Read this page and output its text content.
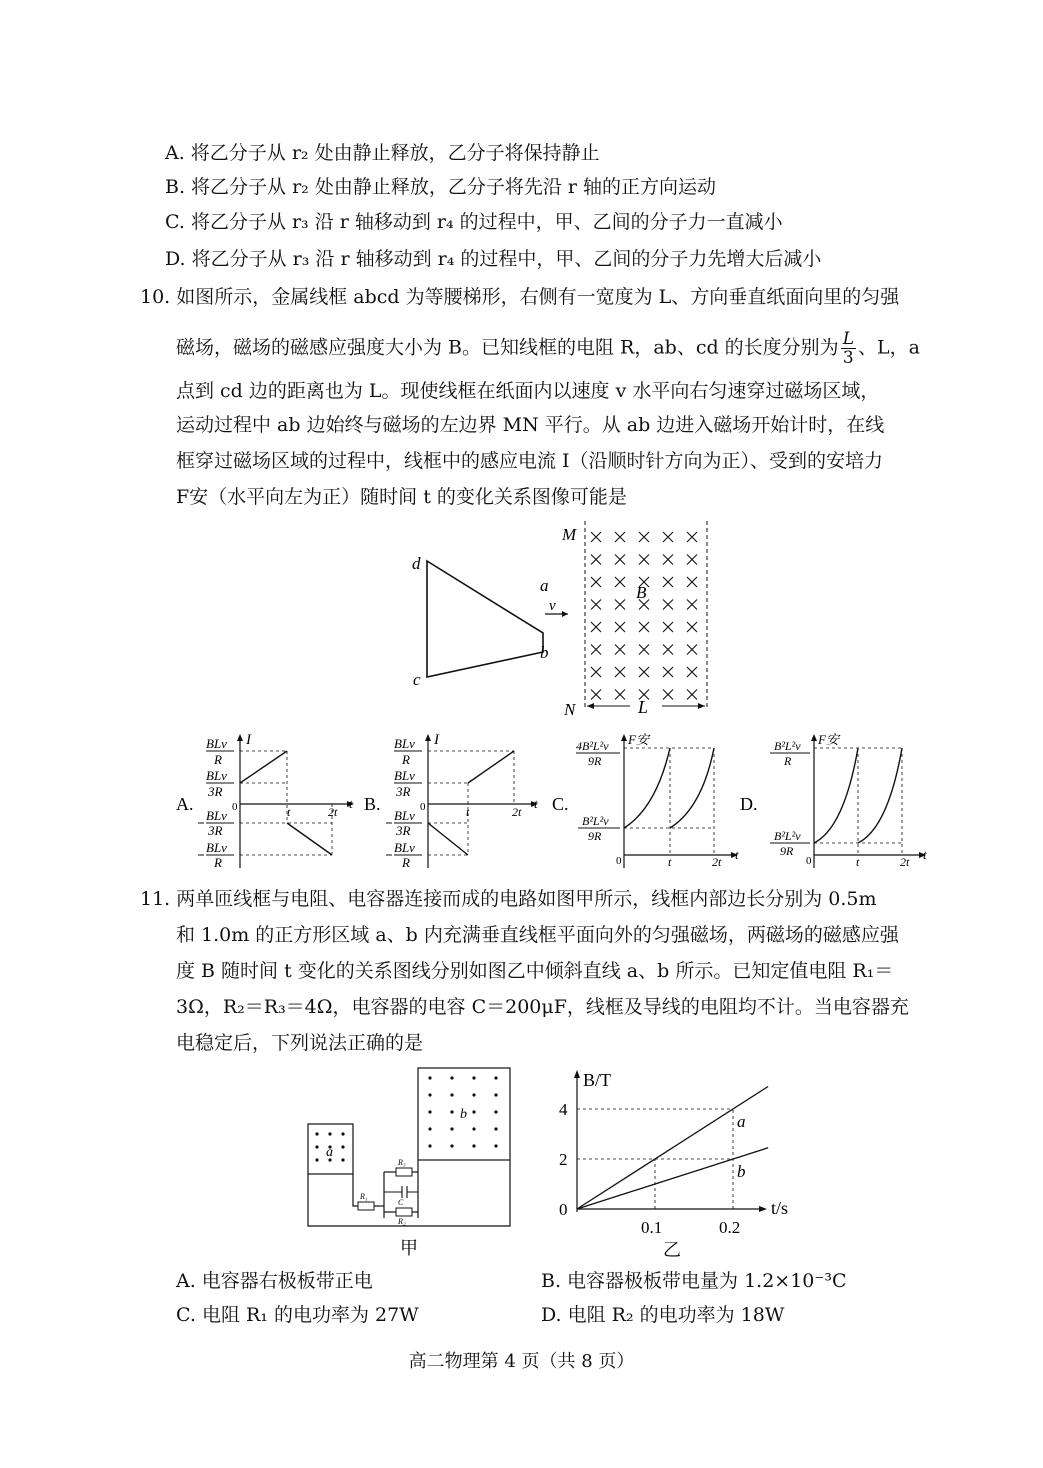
A. 将乙分子从 r₂ 处由静止释放，乙分子将保持静止
B. 将乙分子从 r₂ 处由静止释放，乙分子将先沿 r 轴的正方向运动
C. 将乙分子从 r₃ 沿 r 轴移动到 r₄ 的过程中，甲、乙间的分子力一直减小
D. 将乙分子从 r₃ 沿 r 轴移动到 r₄ 的过程中，甲、乙间的分子力先增大后减小
10. 如图所示，金属线框 abcd 为等腰梯形，右侧有一宽度为 L、方向垂直纸面向里的匀强
磁场，磁场的磁感应强度大小为 B。已知线框的电阻 R，ab、cd 的长度分别为 $\frac{L}{3}$ 、L，a
点到 cd 边的距离也为 L。现使线框在纸面内以速度 v 水平向右匀速穿过磁场区域，
运动过程中 ab 边始终与磁场的左边界 MN 平行。从 ab 边进入磁场开始计时，在线
框穿过磁场区域的过程中，线框中的感应电流 I（沿顺时针方向为正）、受到的安培力
F安（水平向左为正）随时间 t 的变化关系图像可能是
d
c
a
b
v
M
N
B
L
A.
I
t
0	t	2t
BLv
R
BLv
3R
BLv
3R
BLv
R
B.
I
t
0	t	2t
BLv
R
BLv
3R
BLv
3R
BLv
R
C.
F安
t
0	t	2t
4B²L²v
9R
B²L²v
9R
D.
F安
t
0	t	2t
B²L²v
R
B²L²v
9R
11. 两单匝线框与电阻、电容器连接而成的电路如图甲所示，线框内部边长分别为 0.5m
和 1.0m 的正方形区域 a、b 内充满垂直线框平面向外的匀强磁场，两磁场的磁感应强
度 B 随时间 t 变化的关系图线分别如图乙中倾斜直线 a、b 所示。已知定值电阻 R₁＝
3Ω，R₂＝R₃＝4Ω，电容器的电容 C＝200μF，线框及导线的电阻均不计。当电容器充
电稳定后，下列说法正确的是
a
b
R₁
R₃
C
R₂
甲
B/T
t/s
4
2
0
0.1	0.2
a
b
乙
A. 电容器右极板带正电	B. 电容器极板带电量为 1.2×10⁻³C
C. 电阻 R₁ 的电功率为 27W	D. 电阻 R₂ 的电功率为 18W
高二物理第 4 页（共 8 页）
